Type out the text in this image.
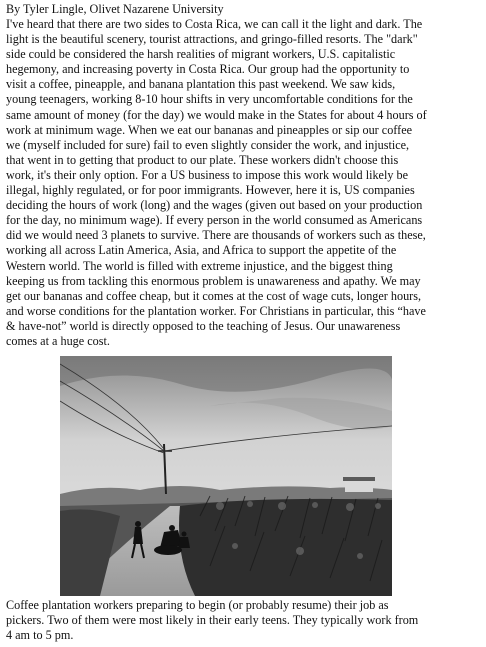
By Tyler Lingle, Olivet Nazarene University
I've heard that there are two sides to Costa Rica, we can call it the light and dark. The
light is the beautiful scenery, tourist attractions, and gringo-filled resorts. The "dark"
side could be considered the harsh realities of migrant workers, U.S. capitalistic
hegemony, and increasing poverty in Costa Rica. Our group had the opportunity to
visit a coffee, pineapple, and banana plantation this past weekend. We saw kids,
young teenagers, working 8-10 hour shifts in very uncomfortable conditions for the
same amount of money (for the day) we would make in the States for about 4 hours of
work at minimum wage. When we eat our bananas and pineapples or sip our coffee
we (myself included for sure) fail to even slightly consider the work, and injustice,
that went in to getting that product to our plate. These workers didn't choose this
work, it's their only option. For a US business to impose this work would likely be
illegal, highly regulated, or for poor immigrants. However, here it is, US companies
deciding the hours of work (long) and the wages (given out based on your production
for the day, no minimum wage). If every person in the world consumed as Americans
did we would need 3 planets to survive. There are thousands of workers such as these,
working all across Latin America, Asia, and Africa to support the appetite of the
Western world. The world is filled with extreme injustice, and the biggest thing
keeping us from tackling this enormous problem is unawareness and apathy. We may
get our bananas and coffee cheap, but it comes at the cost of wage cuts, longer hours,
and worse conditions for the plantation worker. For Christians in particular, this “have
& have-not” world is directly opposed to the teaching of Jesus. Our unawareness
comes at a huge cost.
Coffee plantation workers preparing to begin (or probably resume) their job as
pickers. Two of them were most likely in their early teens. They typically work from
4 am to 5 pm.
